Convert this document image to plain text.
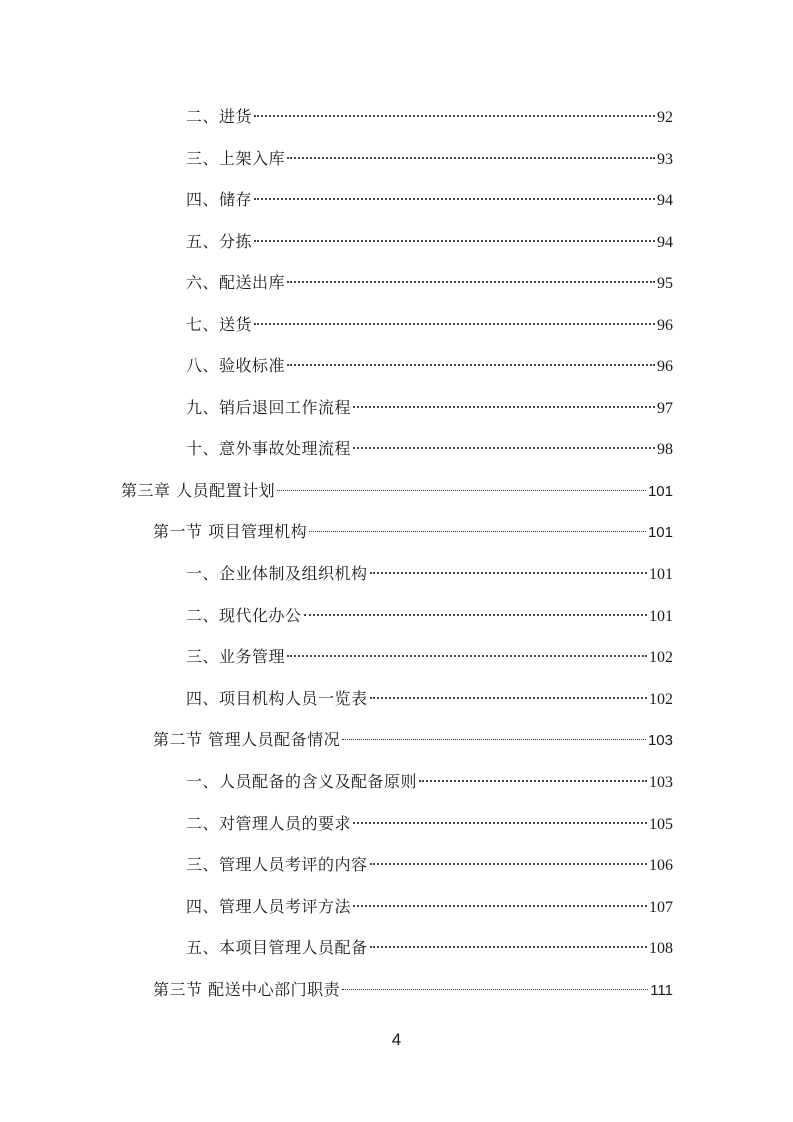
二、进货	92
三、上架入库	93
四、储存	94
五、分拣	94
六、配送出库	95
七、送货	96
八、验收标准	96
九、销后退回工作流程	97
十、意外事故处理流程	98
第三章 人员配置计划	101
第一节 项目管理机构	101
一、企业体制及组织机构	101
二、现代化办公	101
三、业务管理	102
四、项目机构人员一览表	102
第二节 管理人员配备情况	103
一、人员配备的含义及配备原则	103
二、对管理人员的要求	105
三、管理人员考评的内容	106
四、管理人员考评方法	107
五、本项目管理人员配备	108
第三节 配送中心部门职责	111
4
